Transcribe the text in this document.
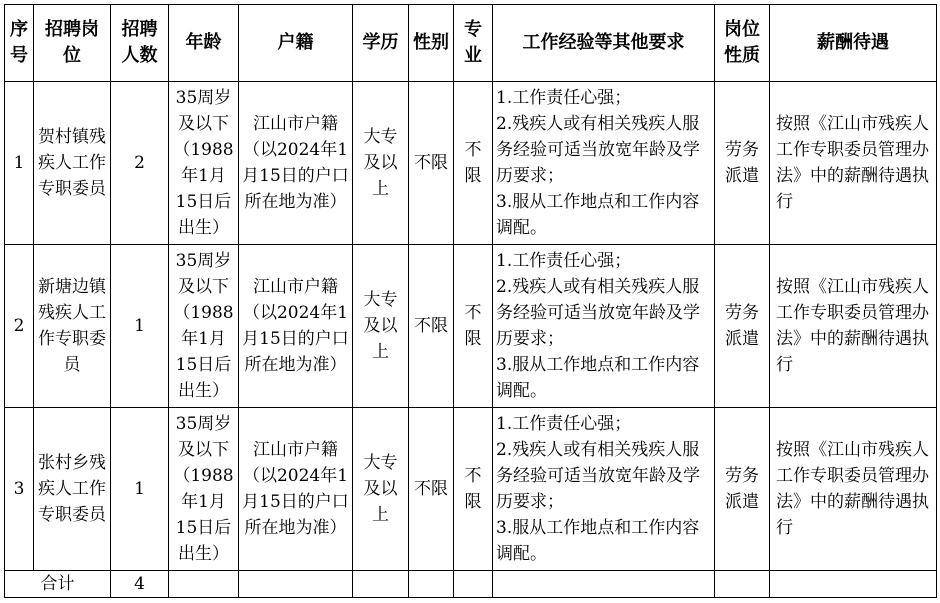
序号	招聘岗位	招聘人数	年龄	户籍	学历	性别	专业	工作经验等其他要求	岗位性质	薪酬待遇
1	贺村镇残疾人工作专职委员	2	35周岁及以下（1988年1月15日后出生）	江山市户籍（以2024年1月15日的户口所在地为准）	大专及以上	不限	不限	1.工作责任心强；
2.残疾人或有相关残疾人服务经验可适当放宽年龄及学历要求；
3.服从工作地点和工作内容调配。	劳务派遣	按照《江山市残疾人工作专职委员管理办法》中的薪酬待遇执行
2	新塘边镇残疾人工作专职委员	1	35周岁及以下（1988年1月15日后出生）	江山市户籍（以2024年1月15日的户口所在地为准）	大专及以上	不限	不限	1.工作责任心强；
2.残疾人或有相关残疾人服务经验可适当放宽年龄及学历要求；
3.服从工作地点和工作内容调配。	劳务派遣	按照《江山市残疾人工作专职委员管理办法》中的薪酬待遇执行
3	张村乡残疾人工作专职委员	1	35周岁及以下（1988年1月15日后出生）	江山市户籍（以2024年1月15日的户口所在地为准）	大专及以上	不限	不限	1.工作责任心强；
2.残疾人或有相关残疾人服务经验可适当放宽年龄及学历要求；
3.服从工作地点和工作内容调配。	劳务派遣	按照《江山市残疾人工作专职委员管理办法》中的薪酬待遇执行
合计		4								
